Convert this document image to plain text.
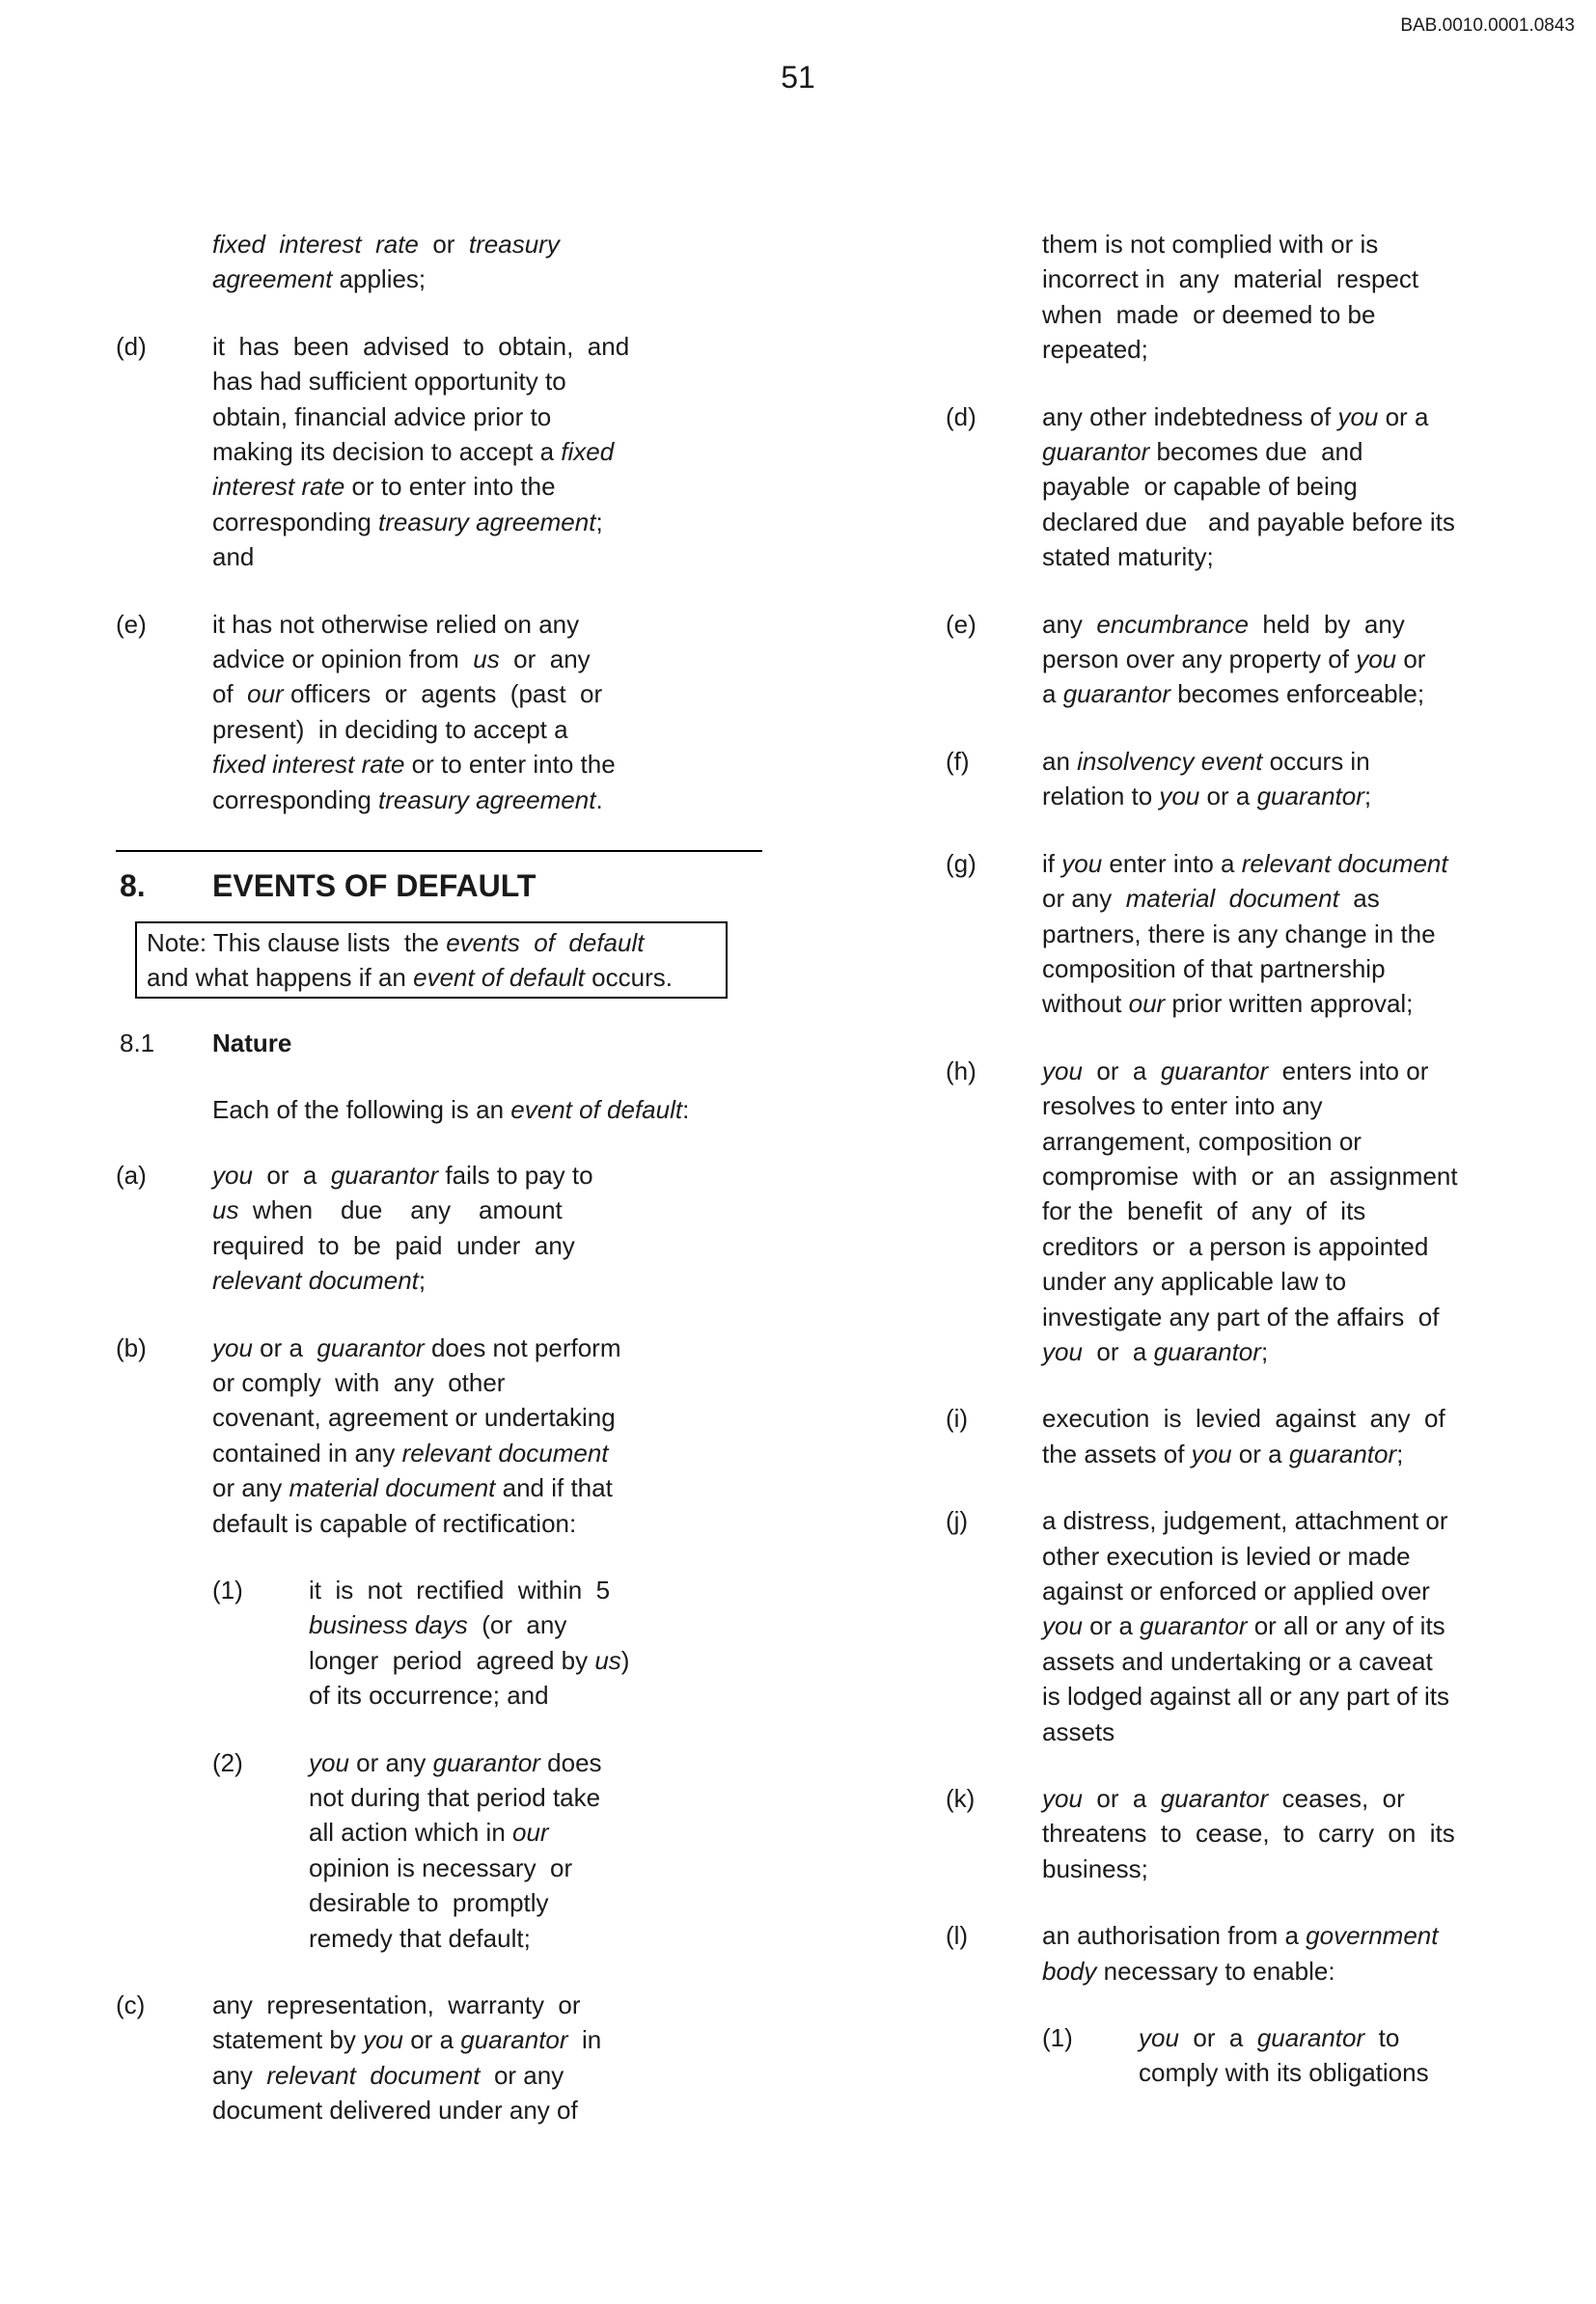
BAB.0010.0001.0843
51
fixed  interest  rate  or  treasury
agreement applies;
(d)	it  has  been  advised  to  obtain,  and
has had sufficient opportunity to
obtain, financial advice prior to
making its decision to accept a fixed
interest rate or to enter into the
corresponding treasury agreement;
and
(e)	it has not otherwise relied on any
advice or opinion from  us  or  any
of  our officers  or  agents  (past  or
present)  in deciding to accept a
fixed interest rate or to enter into the
corresponding treasury agreement.
8. EVENTS OF DEFAULT
Note: This clause lists  the events  of  default
and what happens if an event of default occurs.
8.1 Nature
Each of the following is an event of default:
(a)	you  or  a  guarantor fails to pay to
us  when    due    any    amount
required  to  be  paid  under  any
relevant document;
(b)	you or a  guarantor does not perform
or comply  with  any  other
covenant, agreement or undertaking
contained in any relevant document
or any material document and if that
default is capable of rectification:
(1)	it  is  not  rectified  within  5
business days  (or  any
longer  period  agreed by us)
of its occurrence; and
(2)	you or any guarantor does
not during that period take
all action which in our
opinion is necessary  or
desirable to  promptly
remedy that default;
(c)	any  representation,  warranty  or
statement by you or a guarantor  in
any  relevant  document  or any
document delivered under any of
them is not complied with or is
incorrect in  any  material  respect
when  made  or deemed to be
repeated;
(d)	any other indebtedness of you or a
guarantor becomes due  and
payable  or capable of being
declared due   and payable before its
stated maturity;
(e)	any  encumbrance  held  by  any
person over any property of you or
a guarantor becomes enforceable;
(f)	an insolvency event occurs in
relation to you or a guarantor;
(g)	if you enter into a relevant document
or any  material  document  as
partners, there is any change in the
composition of that partnership
without our prior written approval;
(h)	you  or  a  guarantor  enters into or
resolves to enter into any
arrangement, composition or
compromise  with  or  an  assignment
for the  benefit  of  any  of  its
creditors  or  a person is appointed
under any applicable law to
investigate any part of the affairs  of
you  or  a guarantor;
(i)	execution  is  levied  against  any  of
the assets of you or a guarantor;
(j)	a distress, judgement, attachment or
other execution is levied or made
against or enforced or applied over
you or a guarantor or all or any of its
assets and undertaking or a caveat
is lodged against all or any part of its
assets
(k)	you  or  a  guarantor  ceases,  or
threatens  to  cease,  to  carry  on  its
business;
(l)	an authorisation from a government
body necessary to enable:
(1)	you  or  a  guarantor  to
comply with its obligations
